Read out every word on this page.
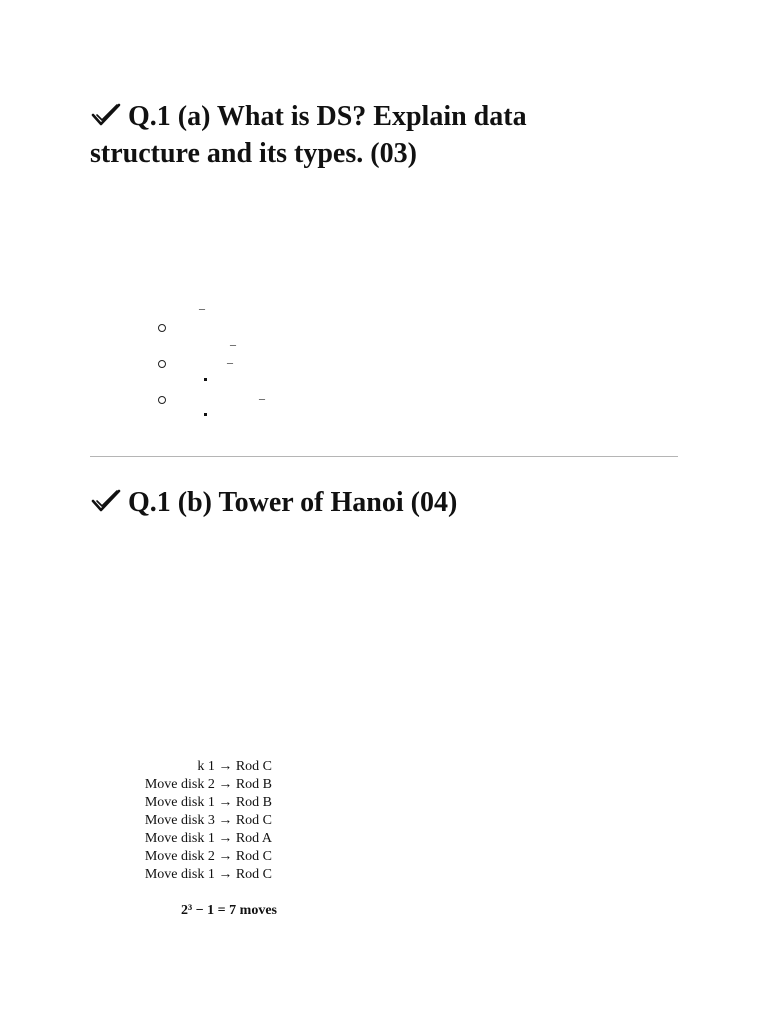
Q.1 (a) What is DS? Explain data
structure and its types. (03)
–
–
–
–
Q.1 (b) Tower of Hanoi (04)
k 1 → Rod C
Move disk 2 → Rod B
Move disk 1 → Rod B
Move disk 3 → Rod C
Move disk 1 → Rod A
Move disk 2 → Rod C
Move disk 1 → Rod C
2³ − 1 = 7 moves
